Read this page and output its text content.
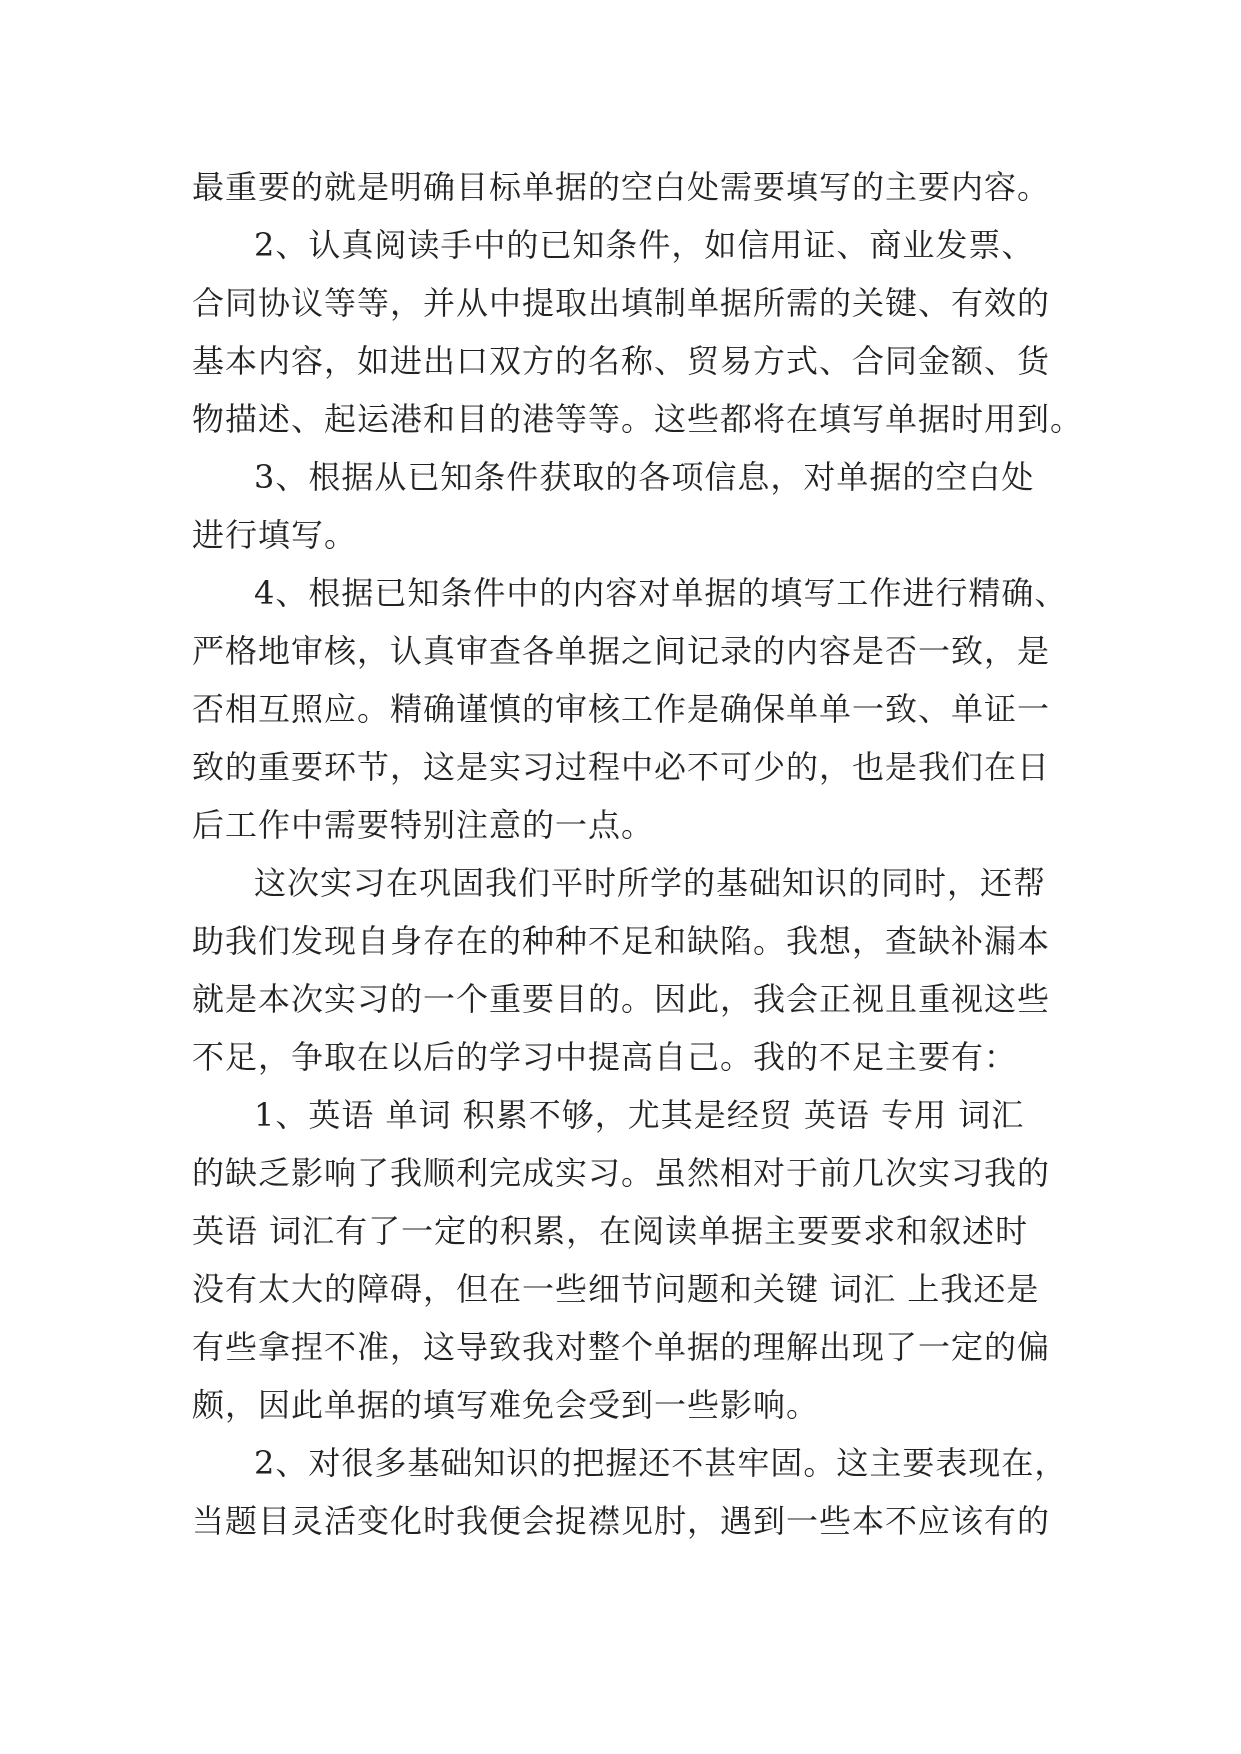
最重要的就是明确目标单据的空白处需要填写的主要内容。
2、认真阅读手中的已知条件，如信用证、商业发票、
合同协议等等，并从中提取出填制单据所需的关键、有效的
基本内容，如进出口双方的名称、贸易方式、合同金额、货
物描述、起运港和目的港等等。这些都将在填写单据时用到。
3、根据从已知条件获取的各项信息，对单据的空白处
进行填写。
4、根据已知条件中的内容对单据的填写工作进行精确、
严格地审核，认真审查各单据之间记录的内容是否一致，是
否相互照应。精确谨慎的审核工作是确保单单一致、单证一
致的重要环节，这是实习过程中必不可少的，也是我们在日
后工作中需要特别注意的一点。
这次实习在巩固我们平时所学的基础知识的同时，还帮
助我们发现自身存在的种种不足和缺陷。我想，查缺补漏本
就是本次实习的一个重要目的。因此，我会正视且重视这些
不足，争取在以后的学习中提高自己。我的不足主要有：
1、英语 单词 积累不够，尤其是经贸 英语 专用 词汇
的缺乏影响了我顺利完成实习。虽然相对于前几次实习我的
英语 词汇有了一定的积累，在阅读单据主要要求和叙述时
没有太大的障碍，但在一些细节问题和关键 词汇 上我还是
有些拿捏不准，这导致我对整个单据的理解出现了一定的偏
颇，因此单据的填写难免会受到一些影响。
2、对很多基础知识的把握还不甚牢固。这主要表现在，
当题目灵活变化时我便会捉襟见肘，遇到一些本不应该有的
